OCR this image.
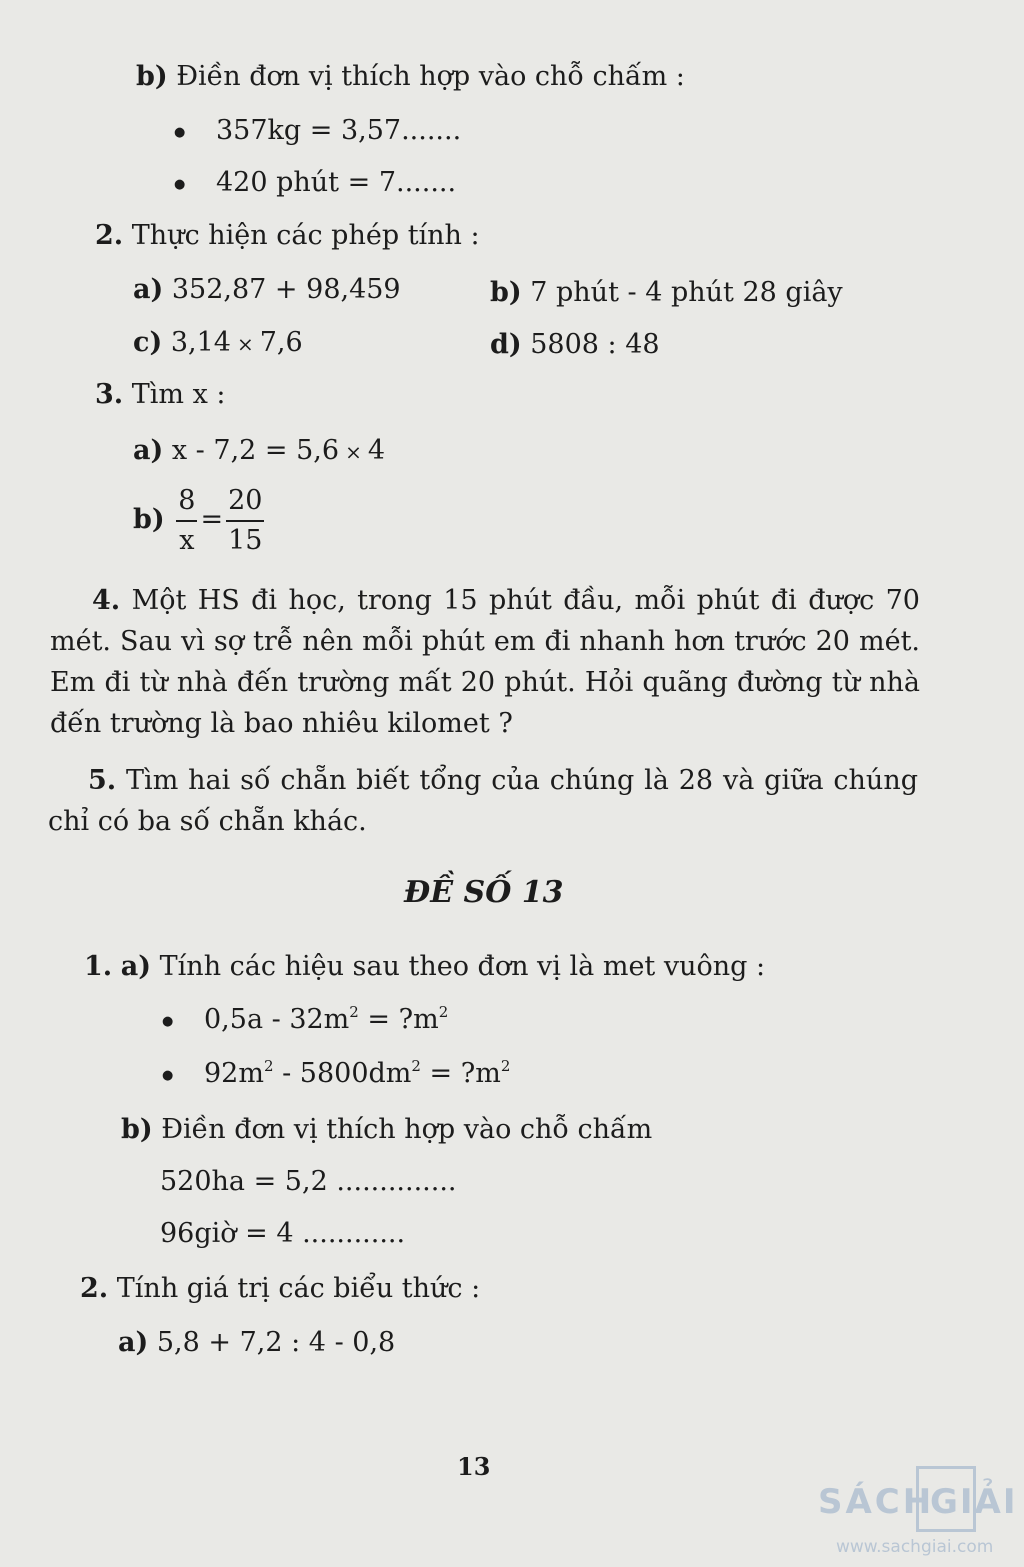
b) Điền đơn vị thích hợp vào chỗ chấm :
●357kg = 3,57.......
●420 phút = 7.......
2. Thực hiện các phép tính :
a) 352,87 + 98,459	b) 7 phút - 4 phút 28 giây
c) 3,14 × 7,6	d) 5808 : 48
3. Tìm x :
a) x - 7,2 = 5,6 × 4
$b) \frac{8}{x} = \frac{20}{15}$
4. Một HS đi học, trong 15 phút đầu, mỗi phút đi được 70 mét. Sau vì sợ trễ nên mỗi phút em đi nhanh hơn trước 20 mét. Em đi từ nhà đến trường mất 20 phút. Hỏi quãng đường từ nhà đến trường là bao nhiêu kilomet ?
5. Tìm hai số chẵn biết tổng của chúng là 28 và giữa chúng chỉ có ba số chẵn khác.
ĐỀ SỐ 13
1. a) Tính các hiệu sau theo đơn vị là met vuông :
●0,5a - $32m^2$ = $?m^2$
$●92m^2 - 5800dm^2$ = $?m^2$
b) Điền đơn vị thích hợp vào chỗ chấm
520ha = 5,2 ..............
96giờ = 4 ............
2. Tính giá trị các biểu thức :
a) 5,8 + 7,2 : 4 - 0,8
13
SÁCH
GIẢI
www.sachgiai.com
